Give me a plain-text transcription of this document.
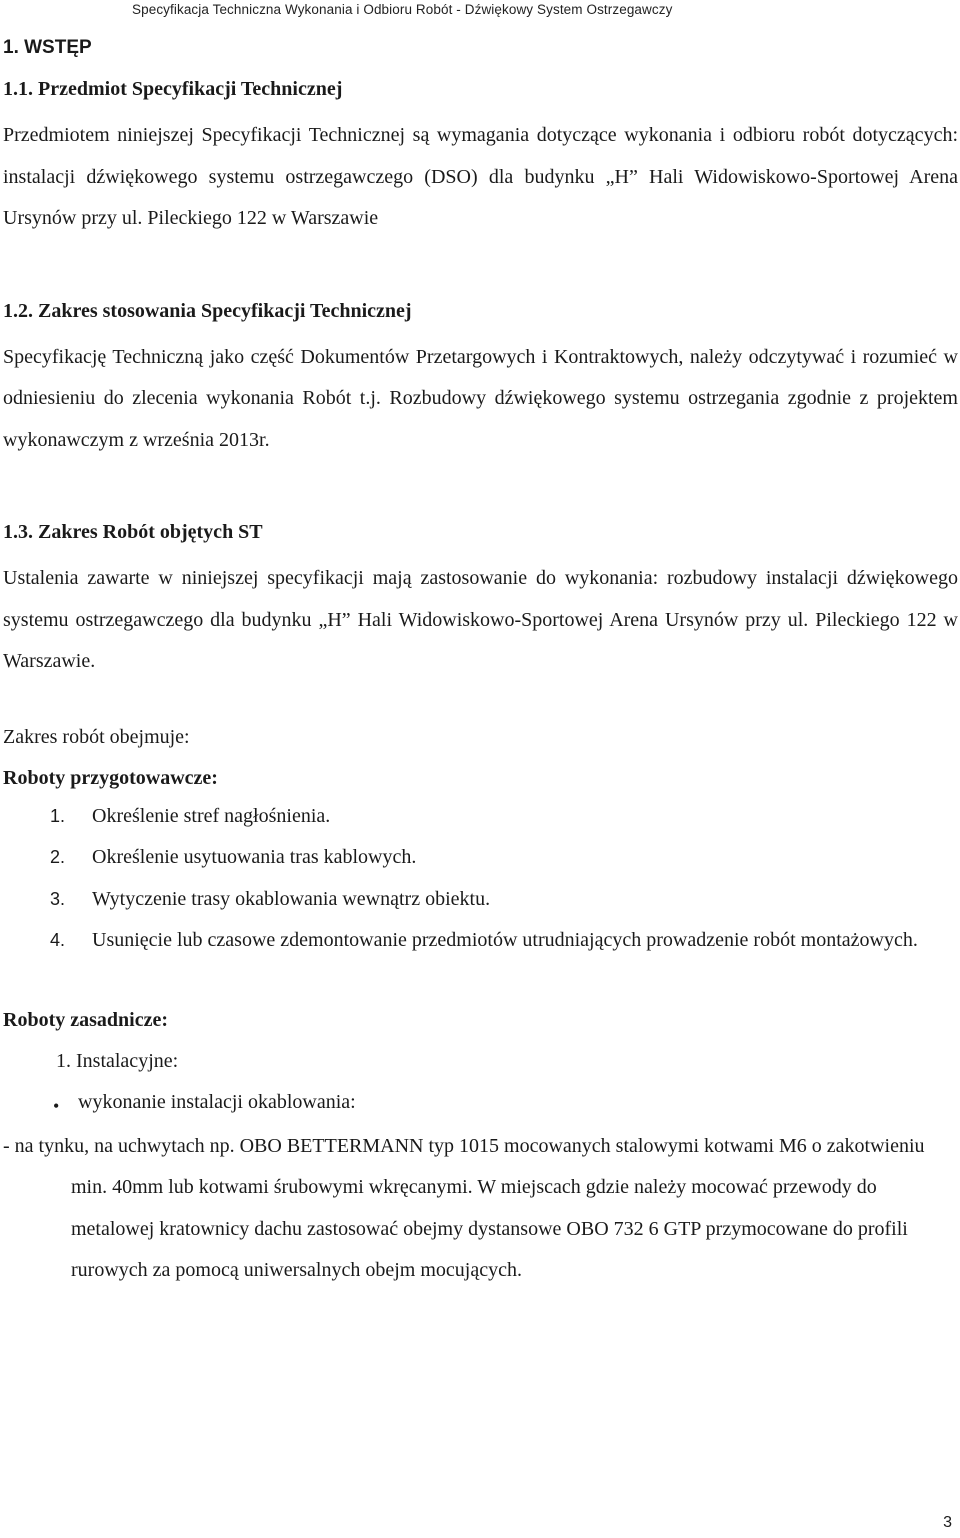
Specyfikacja Techniczna Wykonania i Odbioru Robót - Dźwiękowy System Ostrzegawczy

1. WSTĘP

1.1. Przedmiot Specyfikacji Technicznej

Przedmiotem niniejszej Specyfikacji Technicznej są wymagania dotyczące wykonania i odbioru robót dotyczących: instalacji dźwiękowego systemu ostrzegawczego (DSO) dla budynku „H” Hali Widowiskowo-Sportowej Arena Ursynów przy ul. Pileckiego 122 w Warszawie

1.2. Zakres stosowania Specyfikacji Technicznej

Specyfikację Techniczną jako część Dokumentów Przetargowych i Kontraktowych, należy odczytywać i rozumieć w odniesieniu do zlecenia wykonania Robót t.j. Rozbudowy dźwiękowego systemu ostrzegania zgodnie z projektem wykonawczym z września 2013r.

1.3. Zakres Robót objętych ST

Ustalenia zawarte w niniejszej specyfikacji mają zastosowanie do wykonania: rozbudowy instalacji dźwiękowego systemu ostrzegawczego dla budynku „H” Hali Widowiskowo-Sportowej Arena Ursynów przy ul. Pileckiego 122 w Warszawie.

Zakres robót obejmuje:

Roboty przygotowawcze:

1. Określenie stref nagłośnienia.
2. Określenie usytuowania tras kablowych.
3. Wytyczenie trasy okablowania wewnątrz obiektu.
4. Usunięcie lub czasowe zdemontowanie przedmiotów utrudniających prowadzenie robót montażowych.

Roboty zasadnicze:

1. Instalacyjne:

• wykonanie instalacji okablowania:

- na tynku, na uchwytach np. OBO BETTERMANN typ 1015 mocowanych stalowymi kotwami M6 o zakotwieniu min. 40mm lub kotwami śrubowymi wkręcanymi. W miejscach gdzie należy mocować przewody do metalowej kratownicy dachu zastosować obejmy dystansowe OBO 732 6 GTP przymocowane do profili rurowych za pomocą uniwersalnych obejm mocujących.

3
